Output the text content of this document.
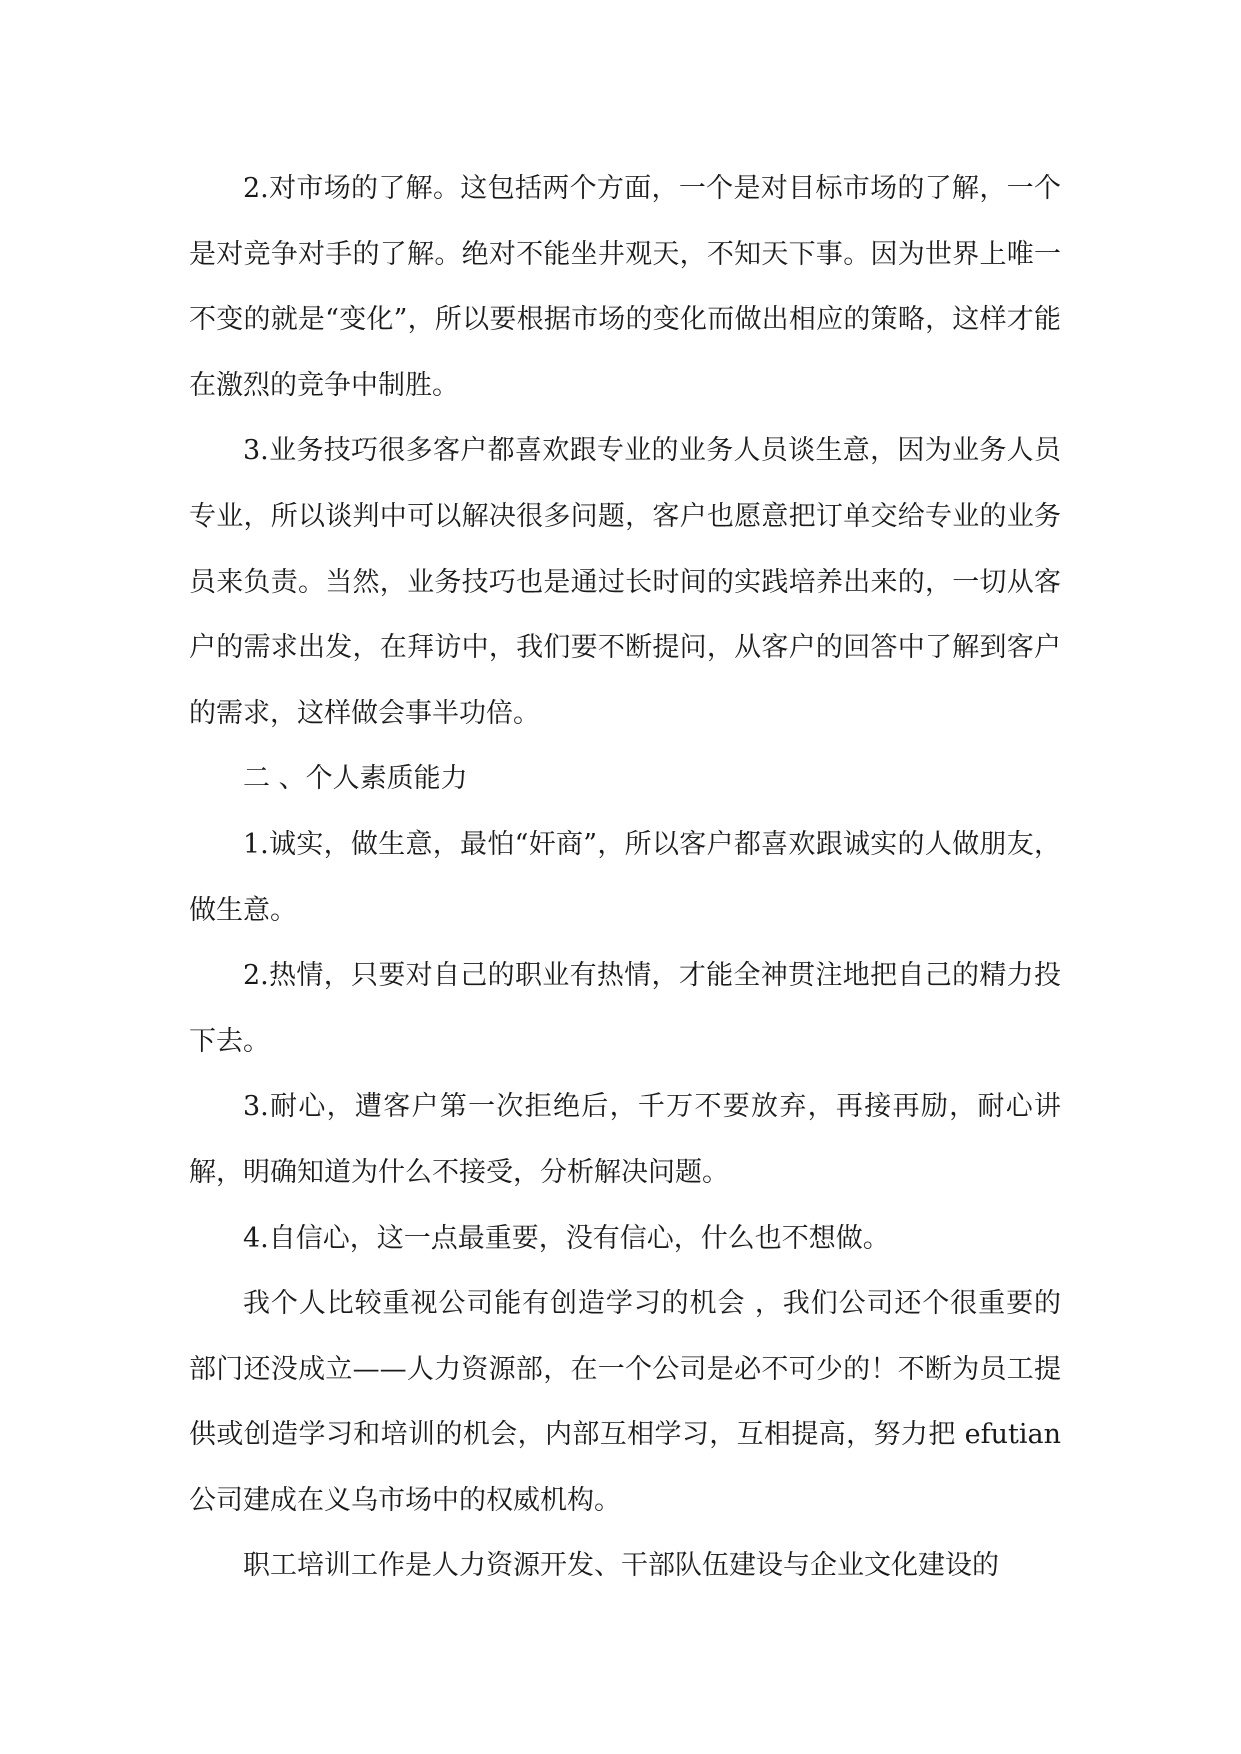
2.对市场的了解。这包括两个方面，一个是对目标市场的了解，一个是对竞争对手的了解。绝对不能坐井观天，不知天下事。因为世界上唯一不变的就是“变化”，所以要根据市场的变化而做出相应的策略，这样才能在激烈的竞争中制胜。

3.业务技巧很多客户都喜欢跟专业的业务人员谈生意，因为业务人员专业，所以谈判中可以解决很多问题，客户也愿意把订单交给专业的业务员来负责。当然，业务技巧也是通过长时间的实践培养出来的，一切从客户的需求出发，在拜访中，我们要不断提问，从客户的回答中了解到客户的需求，这样做会事半功倍。

二 、个人素质能力

1.诚实，做生意，最怕“奸商”，所以客户都喜欢跟诚实的人做朋友，做生意。

2.热情，只要对自己的职业有热情，才能全神贯注地把自己的精力投下去。

3.耐心，遭客户第一次拒绝后，千万不要放弃，再接再励，耐心讲解，明确知道为什么不接受，分析解决问题。

4.自信心，这一点最重要，没有信心，什么也不想做。

我个人比较重视公司能有创造学习的机会 ，我们公司还个很重要的部门还没成立——人力资源部，在一个公司是必不可少的！不断为员工提供或创造学习和培训的机会，内部互相学习，互相提高，努力把 efutian 公司建成在义乌市场中的权威机构。

职工培训工作是人力资源开发、干部队伍建设与企业文化建设的
